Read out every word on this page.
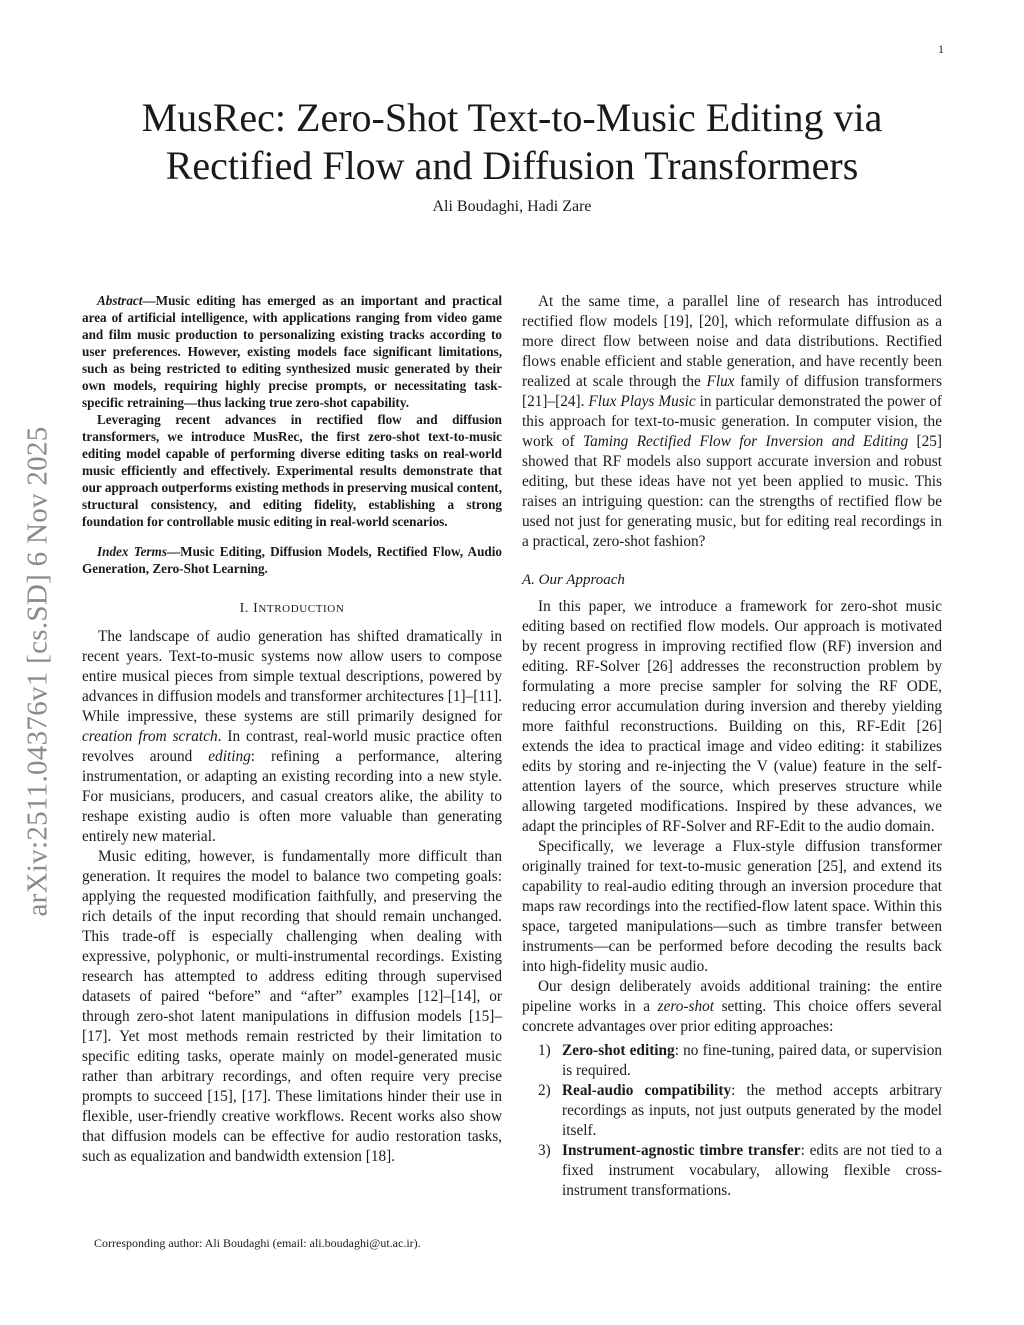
1
arXiv:2511.04376v1 [cs.SD] 6 Nov 2025
MusRec: Zero-Shot Text-to-Music Editing via
Rectified Flow and Diffusion Transformers
Ali Boudaghi, Hadi Zare

Abstract—Music editing has emerged as an important and practical area of artificial intelligence, with applications ranging from video game and film music production to personalizing existing tracks according to user preferences. However, existing models face significant limitations, such as being restricted to editing synthesized music generated by their own models, requiring highly precise prompts, or necessitating task-specific retraining—thus lacking true zero-shot capability.

Leveraging recent advances in rectified flow and diffusion transformers, we introduce MusRec, the first zero-shot text-to-music editing model capable of performing diverse editing tasks on real-world music efficiently and effectively. Experimental results demonstrate that our approach outperforms existing methods in preserving musical content, structural consistency, and editing fidelity, establishing a strong foundation for controllable music editing in real-world scenarios.

Index Terms—Music Editing, Diffusion Models, Rectified Flow, Audio Generation, Zero-Shot Learning.
I. INTRODUCTION

The landscape of audio generation has shifted dramatically in recent years. Text-to-music systems now allow users to compose entire musical pieces from simple textual descriptions, powered by advances in diffusion models and transformer architectures [1]–[11]. While impressive, these systems are still primarily designed for creation from scratch. In contrast, real-world music practice often revolves around editing: refining a performance, altering instrumentation, or adapting an existing recording into a new style. For musicians, producers, and casual creators alike, the ability to reshape existing audio is often more valuable than generating entirely new material.

Music editing, however, is fundamentally more difficult than generation. It requires the model to balance two competing goals: applying the requested modification faithfully, and preserving the rich details of the input recording that should remain unchanged. This trade-off is especially challenging when dealing with expressive, polyphonic, or multi-instrumental recordings. Existing research has attempted to address editing through supervised datasets of paired “before” and “after” examples [12]–[14], or through zero-shot latent manipulations in diffusion models [15]–[17]. Yet most methods remain restricted by their limitation to specific editing tasks, operate mainly on model-generated music rather than arbitrary recordings, and often require very precise prompts to succeed [15], [17]. These limitations hinder their use in flexible, user-friendly creative workflows. Recent works also show that diffusion models can be effective for audio restoration tasks, such as equalization and bandwidth extension [18].

Corresponding author: Ali Boudaghi (email: ali.boudaghi@ut.ac.ir).

At the same time, a parallel line of research has introduced rectified flow models [19], [20], which reformulate diffusion as a more direct flow between noise and data distributions. Rectified flows enable efficient and stable generation, and have recently been realized at scale through the Flux family of diffusion transformers [21]–[24]. Flux Plays Music in particular demonstrated the power of this approach for text-to-music generation. In computer vision, the work of Taming Rectified Flow for Inversion and Editing [25] showed that RF models also support accurate inversion and robust editing, but these ideas have not yet been applied to music. This raises an intriguing question: can the strengths of rectified flow be used not just for generating music, but for editing real recordings in a practical, zero-shot fashion?

A. Our Approach

In this paper, we introduce a framework for zero-shot music editing based on rectified flow models. Our approach is motivated by recent progress in improving rectified flow (RF) inversion and editing. RF-Solver [26] addresses the reconstruction problem by formulating a more precise sampler for solving the RF ODE, reducing error accumulation during inversion and thereby yielding more faithful reconstructions. Building on this, RF-Edit [26] extends the idea to practical image and video editing: it stabilizes edits by storing and re-injecting the V (value) feature in the self-attention layers of the source, which preserves structure while allowing targeted modifications. Inspired by these advances, we adapt the principles of RF-Solver and RF-Edit to the audio domain.

Specifically, we leverage a Flux-style diffusion transformer originally trained for text-to-music generation [25], and extend its capability to real-audio editing through an inversion procedure that maps raw recordings into the rectified-flow latent space. Within this space, targeted manipulations—such as timbre transfer between instruments—can be performed before decoding the results back into high-fidelity music audio.

Our design deliberately avoids additional training: the entire pipeline works in a zero-shot setting. This choice offers several concrete advantages over prior editing approaches:

1) Zero-shot editing: no fine-tuning, paired data, or supervision is required.
2) Real-audio compatibility: the method accepts arbitrary recordings as inputs, not just outputs generated by the model itself.
3) Instrument-agnostic timbre transfer: edits are not tied to a fixed instrument vocabulary, allowing flexible cross-instrument transformations.
